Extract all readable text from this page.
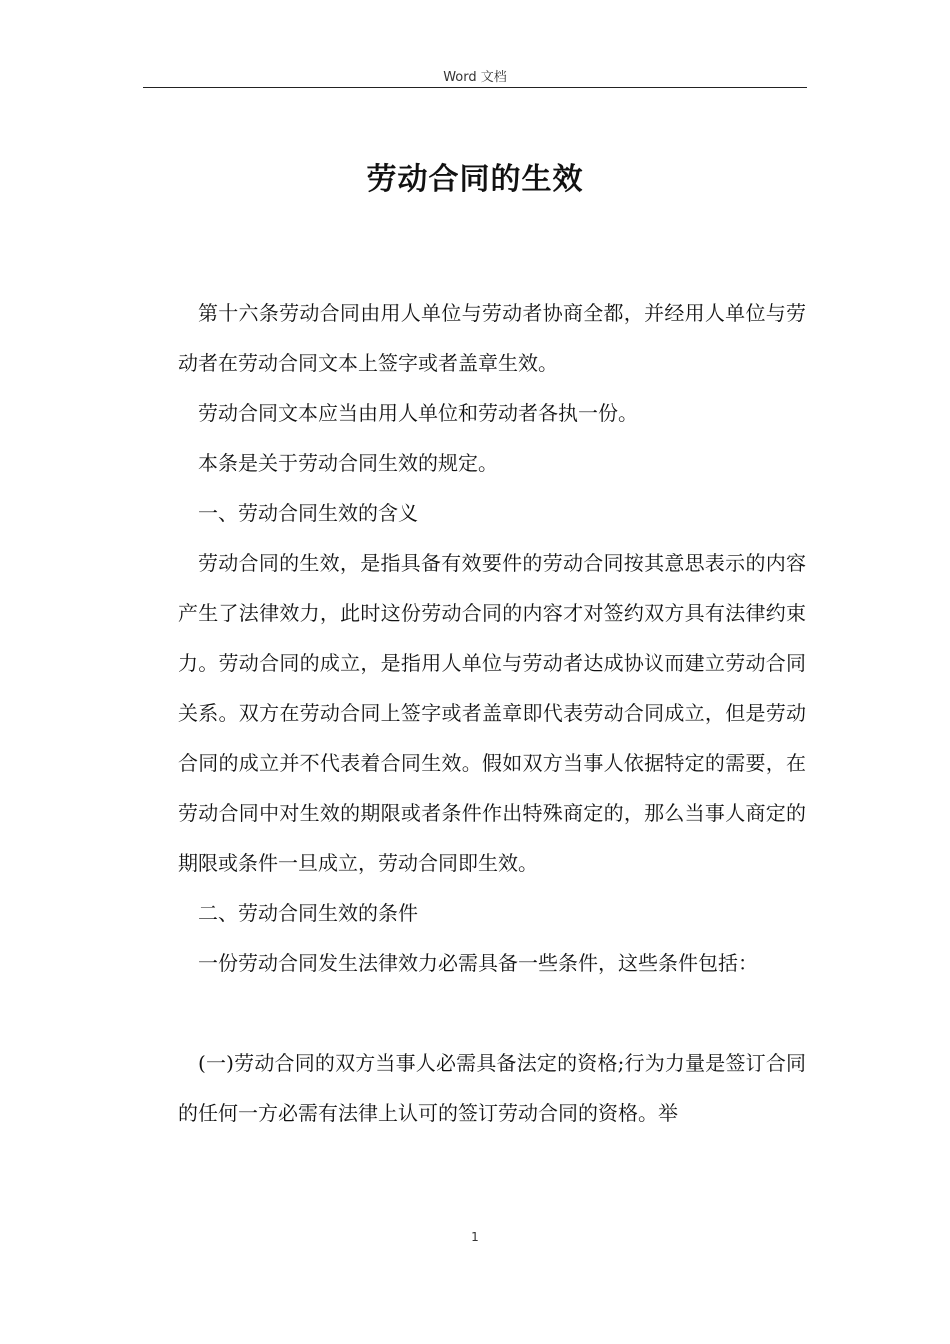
Word 文档
劳动合同的生效

第十六条劳动合同由用人单位与劳动者协商全都，并经用人单位与劳动者在劳动合同文本上签字或者盖章生效。

劳动合同文本应当由用人单位和劳动者各执一份。

本条是关于劳动合同生效的规定。

一、劳动合同生效的含义

劳动合同的生效，是指具备有效要件的劳动合同按其意思表示的内容产生了法律效力，此时这份劳动合同的内容才对签约双方具有法律约束力。劳动合同的成立，是指用人单位与劳动者达成协议而建立劳动合同关系。双方在劳动合同上签字或者盖章即代表劳动合同成立，但是劳动合同的成立并不代表着合同生效。假如双方当事人依据特定的需要，在劳动合同中对生效的期限或者条件作出特殊商定的，那么当事人商定的期限或条件一旦成立，劳动合同即生效。

二、劳动合同生效的条件

一份劳动合同发生法律效力必需具备一些条件，这些条件包括：

(一)劳动合同的双方当事人必需具备法定的资格;行为力量是签订合同的任何一方必需有法律上认可的签订劳动合同的资格。举

1
